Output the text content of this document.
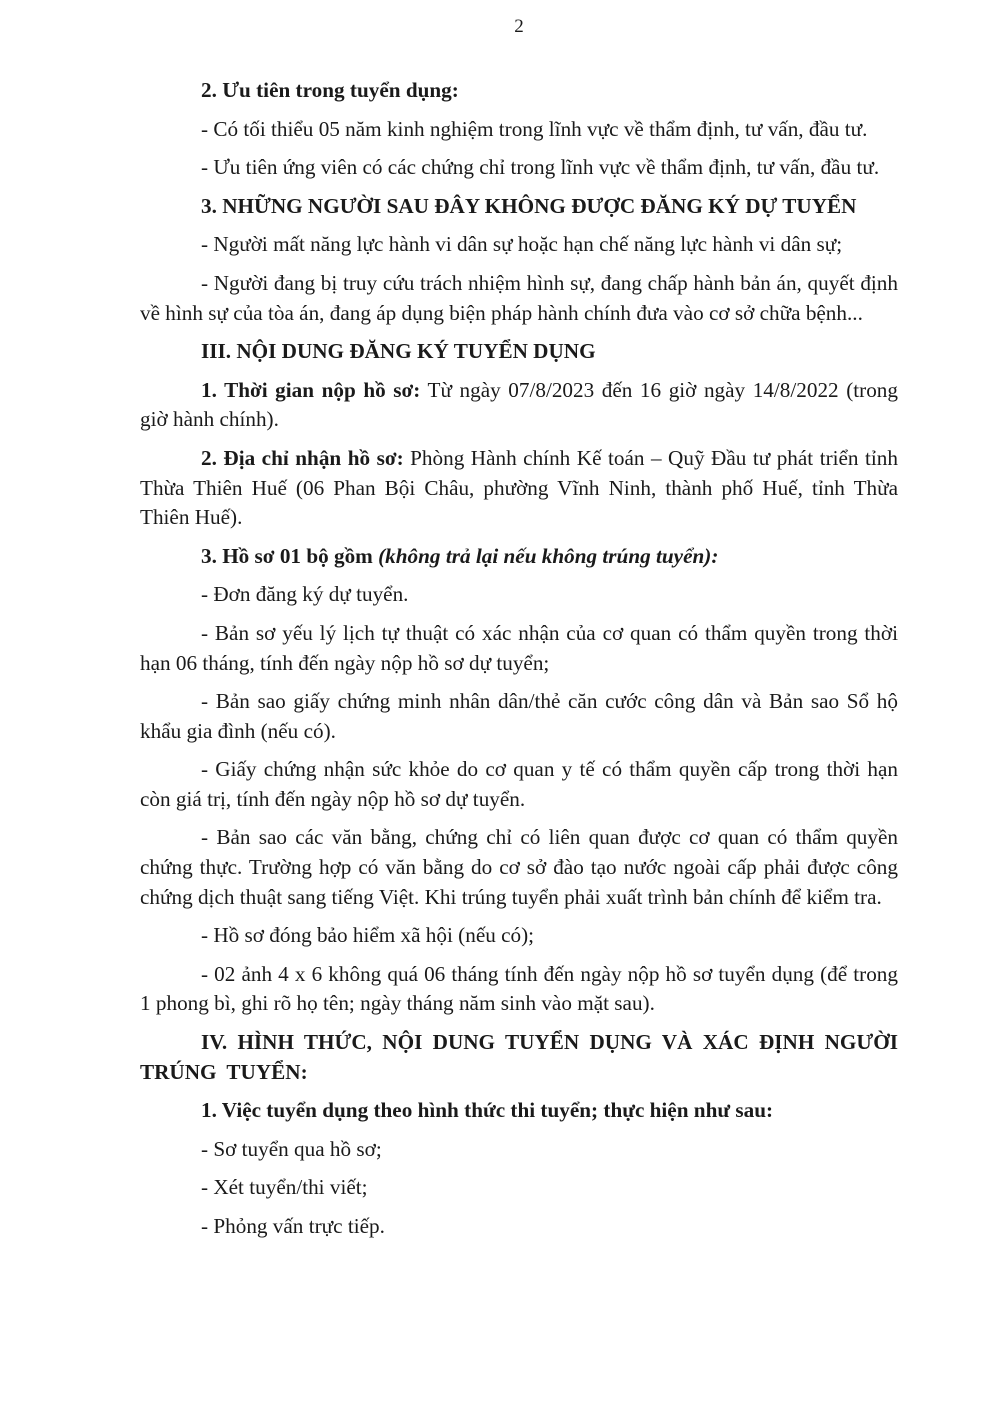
2

2. Ưu tiên trong tuyển dụng:

- Có tối thiểu 05 năm kinh nghiệm trong lĩnh vực về thẩm định, tư vấn, đầu tư.

- Ưu tiên ứng viên có các chứng chỉ trong lĩnh vực về thẩm định, tư vấn, đầu tư.

3. NHỮNG NGƯỜI SAU ĐÂY KHÔNG ĐƯỢC ĐĂNG KÝ DỰ TUYỂN

- Người mất năng lực hành vi dân sự hoặc hạn chế năng lực hành vi dân sự;

- Người đang bị truy cứu trách nhiệm hình sự, đang chấp hành bản án, quyết định về hình sự của tòa án, đang áp dụng biện pháp hành chính đưa vào cơ sở chữa bệnh...

III. NỘI DUNG ĐĂNG KÝ TUYỂN DỤNG

1. Thời gian nộp hồ sơ: Từ ngày 07/8/2023 đến 16 giờ ngày 14/8/2022 (trong giờ hành chính).

2. Địa chỉ nhận hồ sơ: Phòng Hành chính Kế toán – Quỹ Đầu tư phát triển tỉnh Thừa Thiên Huế (06 Phan Bội Châu, phường Vĩnh Ninh, thành phố Huế, tỉnh Thừa Thiên Huế).

3. Hồ sơ 01 bộ gồm (không trả lại nếu không trúng tuyển):

- Đơn đăng ký dự tuyển.

- Bản sơ yếu lý lịch tự thuật có xác nhận của cơ quan có thẩm quyền trong thời hạn 06 tháng, tính đến ngày nộp hồ sơ dự tuyển;

- Bản sao giấy chứng minh nhân dân/thẻ căn cước công dân và Bản sao Sổ hộ khẩu gia đình (nếu có).

- Giấy chứng nhận sức khỏe do cơ quan y tế có thẩm quyền cấp trong thời hạn còn giá trị, tính đến ngày nộp hồ sơ dự tuyển.

- Bản sao các văn bằng, chứng chỉ có liên quan được cơ quan có thẩm quyền chứng thực. Trường hợp có văn bằng do cơ sở đào tạo nước ngoài cấp phải được công chứng dịch thuật sang tiếng Việt. Khi trúng tuyển phải xuất trình bản chính để kiểm tra.

- Hồ sơ đóng bảo hiểm xã hội (nếu có);

- 02 ảnh 4 x 6 không quá 06 tháng tính đến ngày nộp hồ sơ tuyển dụng (để trong 1 phong bì, ghi rõ họ tên; ngày tháng năm sinh vào mặt sau).

IV. HÌNH THỨC, NỘI DUNG TUYỂN DỤNG VÀ XÁC ĐỊNH NGƯỜI TRÚNG TUYỂN:

1. Việc tuyển dụng theo hình thức thi tuyển; thực hiện như sau:

- Sơ tuyển qua hồ sơ;

- Xét tuyển/thi viết;

- Phỏng vấn trực tiếp.
